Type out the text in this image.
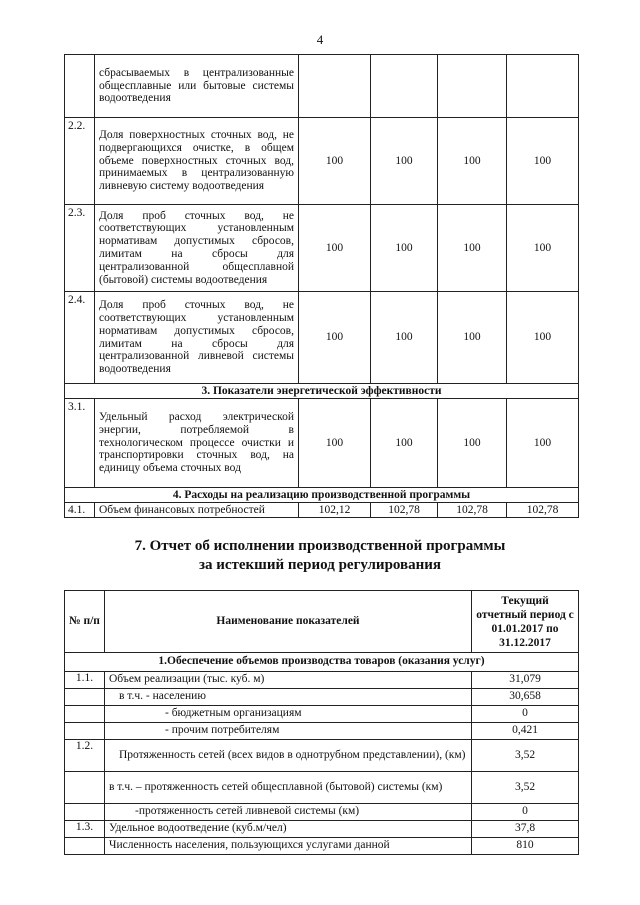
4
	сбрасываемых в централизованные общесплавные или бытовые системы водоотведения				
2.2.	Доля поверхностных сточных вод, не подвергающихся очистке, в общем объеме поверхностных сточных вод, принимаемых в централизованную ливневую систему водоотведения	100	100	100	100
2.3.	Доля проб сточных вод, не соответствующих установленным нормативам допустимых сбросов, лимитам на сбросы для централизованной общесплавной (бытовой) системы водоотведения	100	100	100	100
2.4.	Доля проб сточных вод, не соответствующих установленным нормативам допустимых сбросов, лимитам на сбросы для централизованной ливневой системы водоотведения	100	100	100	100
3. Показатели энергетической эффективности					
3.1.	Удельный расход электрической энергии, потребляемой в технологическом процессе очистки и транспортировки сточных вод, на единицу объема сточных вод	100	100	100	100
4. Расходы на реализацию производственной программы					
4.1.	Объем финансовых потребностей	102,12	102,78	102,78	102,78
7. Отчет об исполнении производственной программы
за истекший период регулирования
№ п/п	Наименование показателей	Текущий отчетный период с 01.01.2017 по 31.12.2017
1.Обеспечение объемов производства товаров (оказания услуг)		
1.1.	Объем реализации (тыс. куб. м)	31,079
	в т.ч. - населению	30,658
	- бюджетным организациям	0
	- прочим потребителям	0,421
1.2.	Протяженность сетей (всех видов в однотрубном представлении), (км)	3,52
	в т.ч. – протяженность сетей общесплавной (бытовой) системы (км)	3,52
	-протяженность сетей ливневой системы (км)	0
1.3.	Удельное водоотведение (куб.м/чел)	37,8
	Численность населения, пользующихся услугами данной	810
